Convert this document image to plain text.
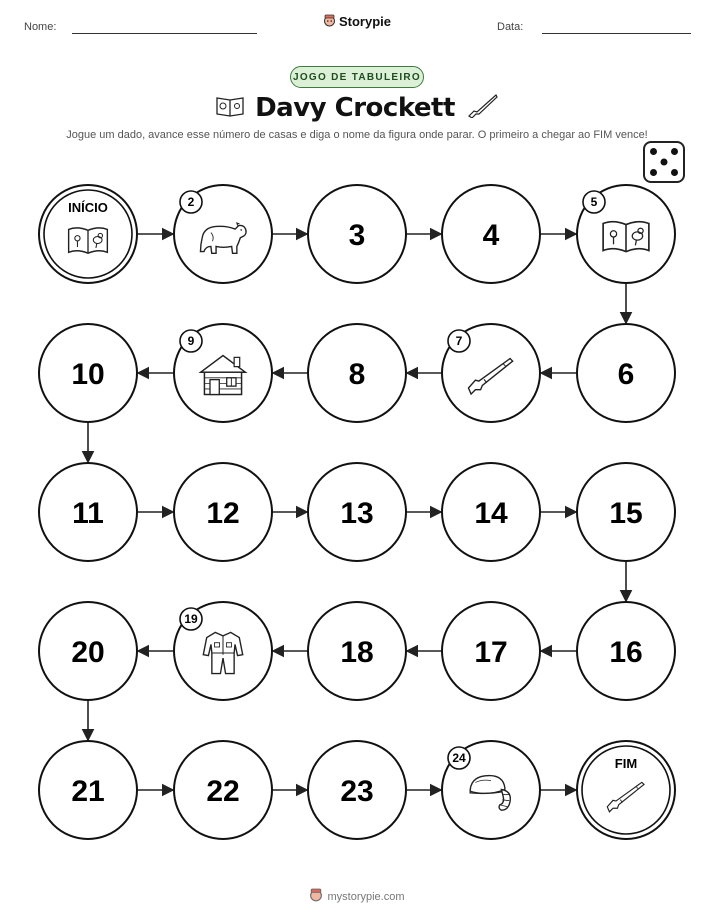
Nome:	Storypie	Data:
JOGO DE TABULEIRO
Davy Crockett
Jogue um dado, avance esse número de casas e diga o nome da figura onde parar. O primeiro a chegar ao FIM vence!
INÍCIO	2
3	4
5
6
7
8
9
10
11	12	13	14	15
16
17
18
19
20
21	22	23
24	FIM
mystorypie.com
